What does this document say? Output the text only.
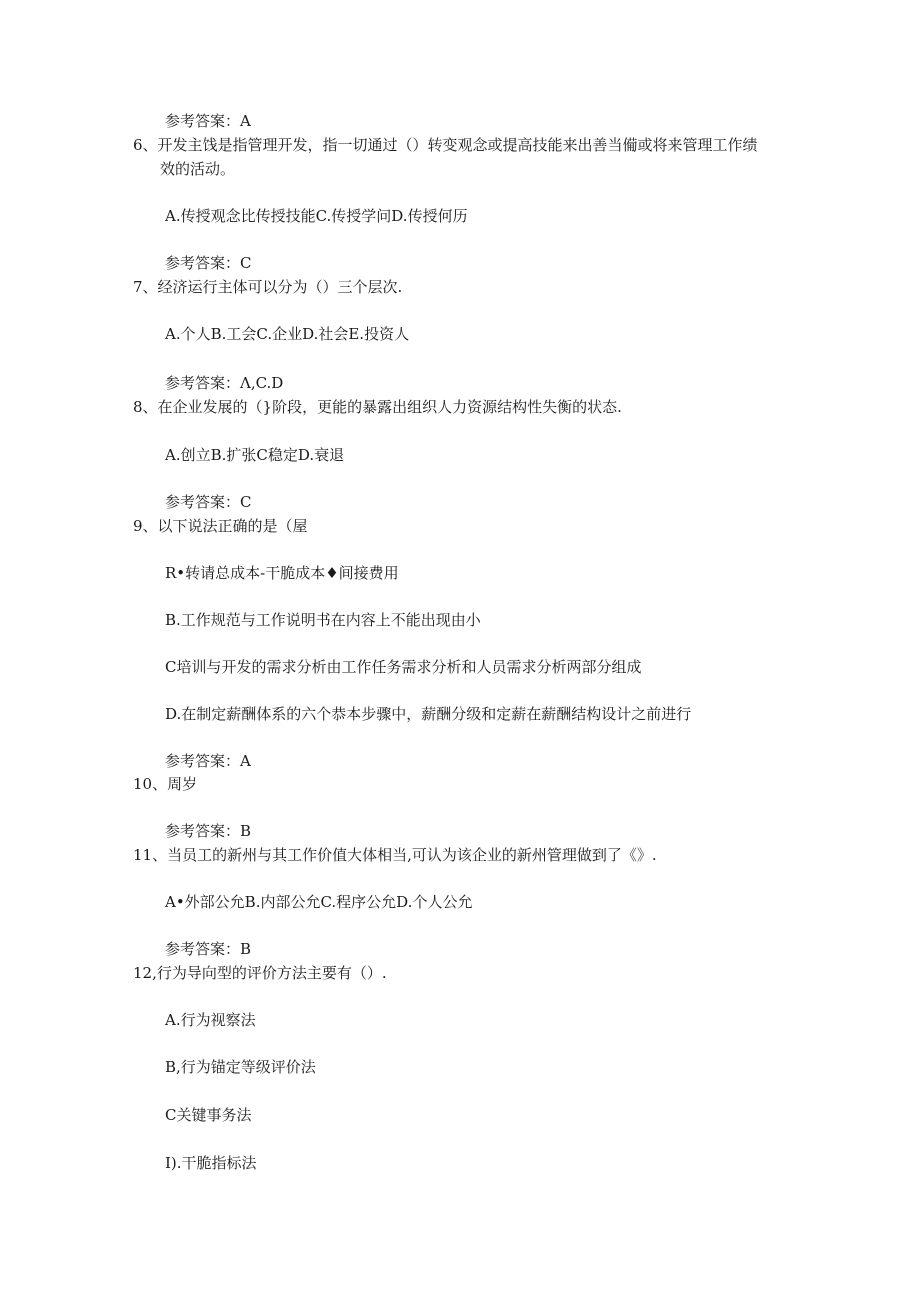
参考答案：A
6、开发主饯是指管理开发，指一切通过（）转变观念或提高技能来出善当僃或将来管理工作绩
效的活动。
A.传授观念比传授技能C.传授学问D.传授何历
参考答案：C
7、经济运行主体可以分为（）三个层次.
A.个人B.工会C.企业D.社会E.投资人
参考答案：Λ,C.D
8、在企业发展的（}阶段，更能的暴露出组织人力资源结构性失衡的状态.
A.创立B.扩张C稳定D.衰退
参考答案：C
9、以下说法正确的是（屋
R•转请总成本-干脆成本♦间接费用
B.工作规范与工作说明书在内容上不能出现由小
C培训与开发的需求分析由工作任务需求分析和人员需求分析两部分组成
D.在制定薪酬体系的六个恭本步骤中，薪酬分级和定薪在薪酬结构设计之前进行
参考答案：A
10、周岁
参考答案：B
11、当员工的新州与其工作价值大体相当,可认为该企业的新州管理做到了《》.
A•外部公允B.内部公允C.程序公允D.个人公允
参考答案：B
12,行为导向型的评价方法主要有（）.
A.行为视察法
B,行为锚定等级评价法
C关键事务法
I).干脆指标法
